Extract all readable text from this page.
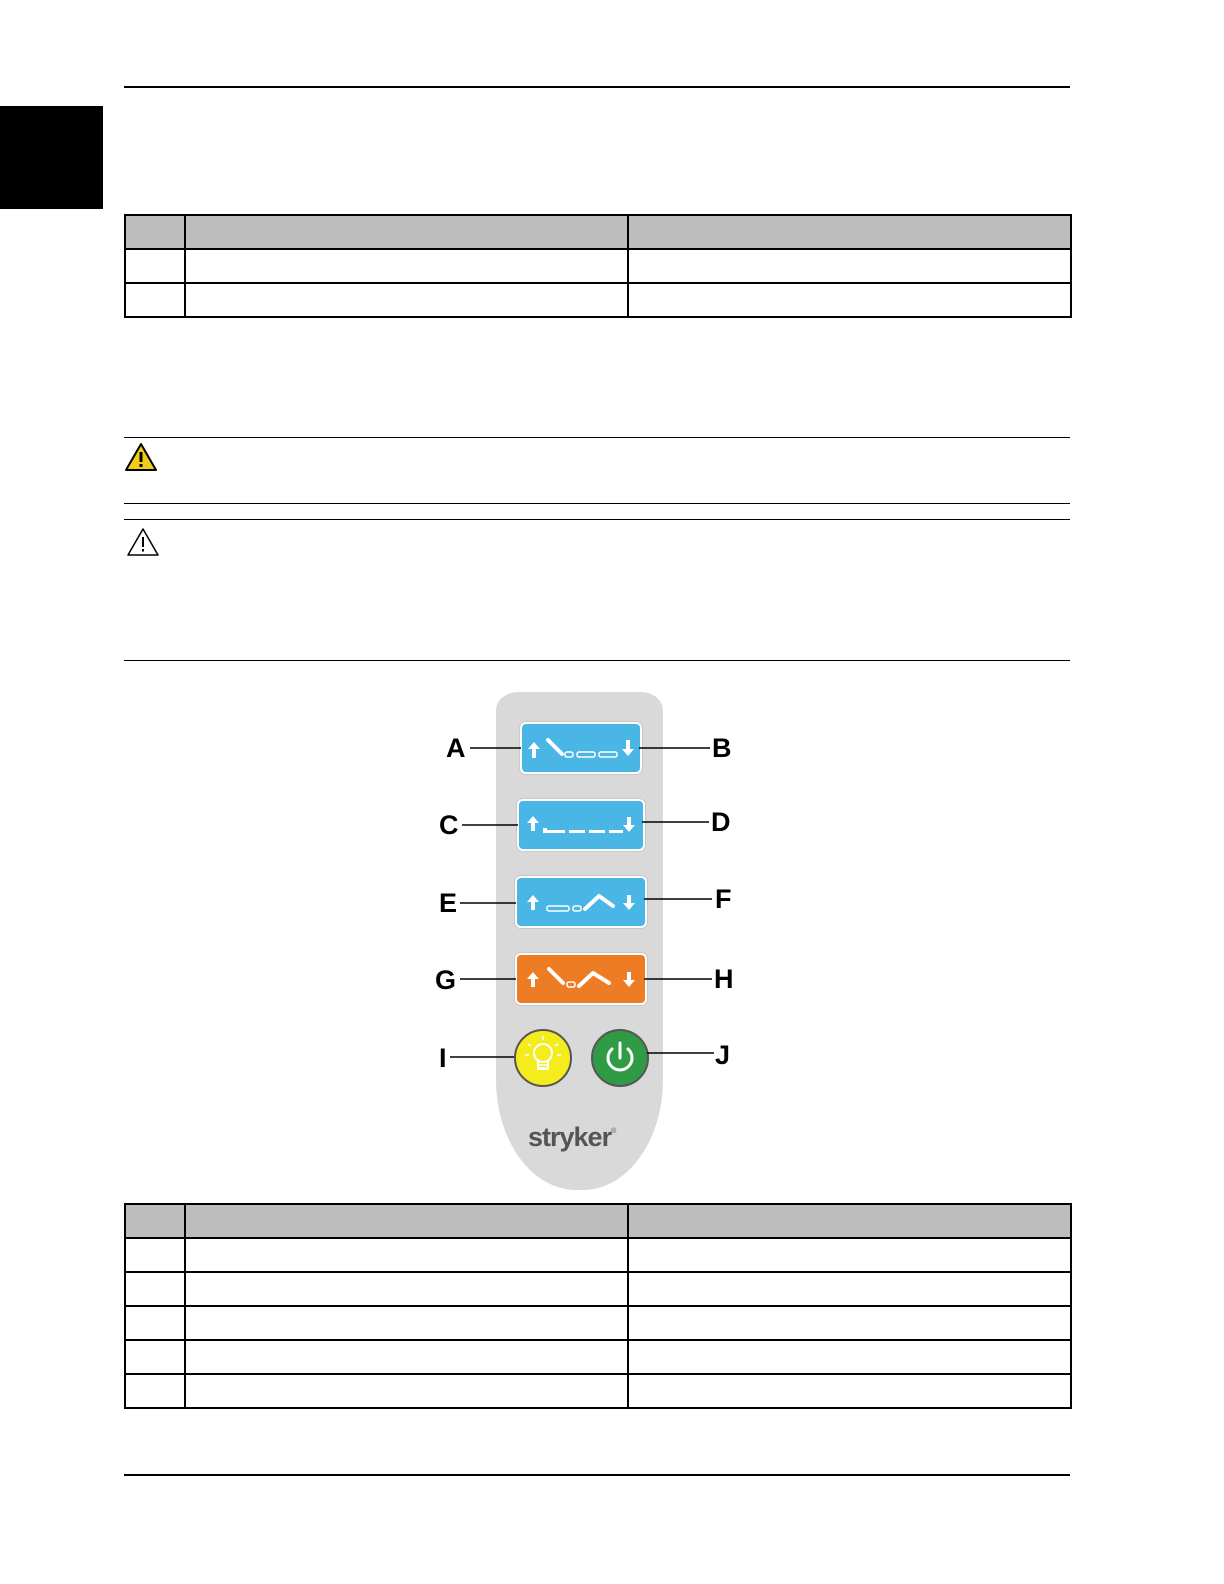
stryker®
A	B
C	D
E	F
G	H
I	J
